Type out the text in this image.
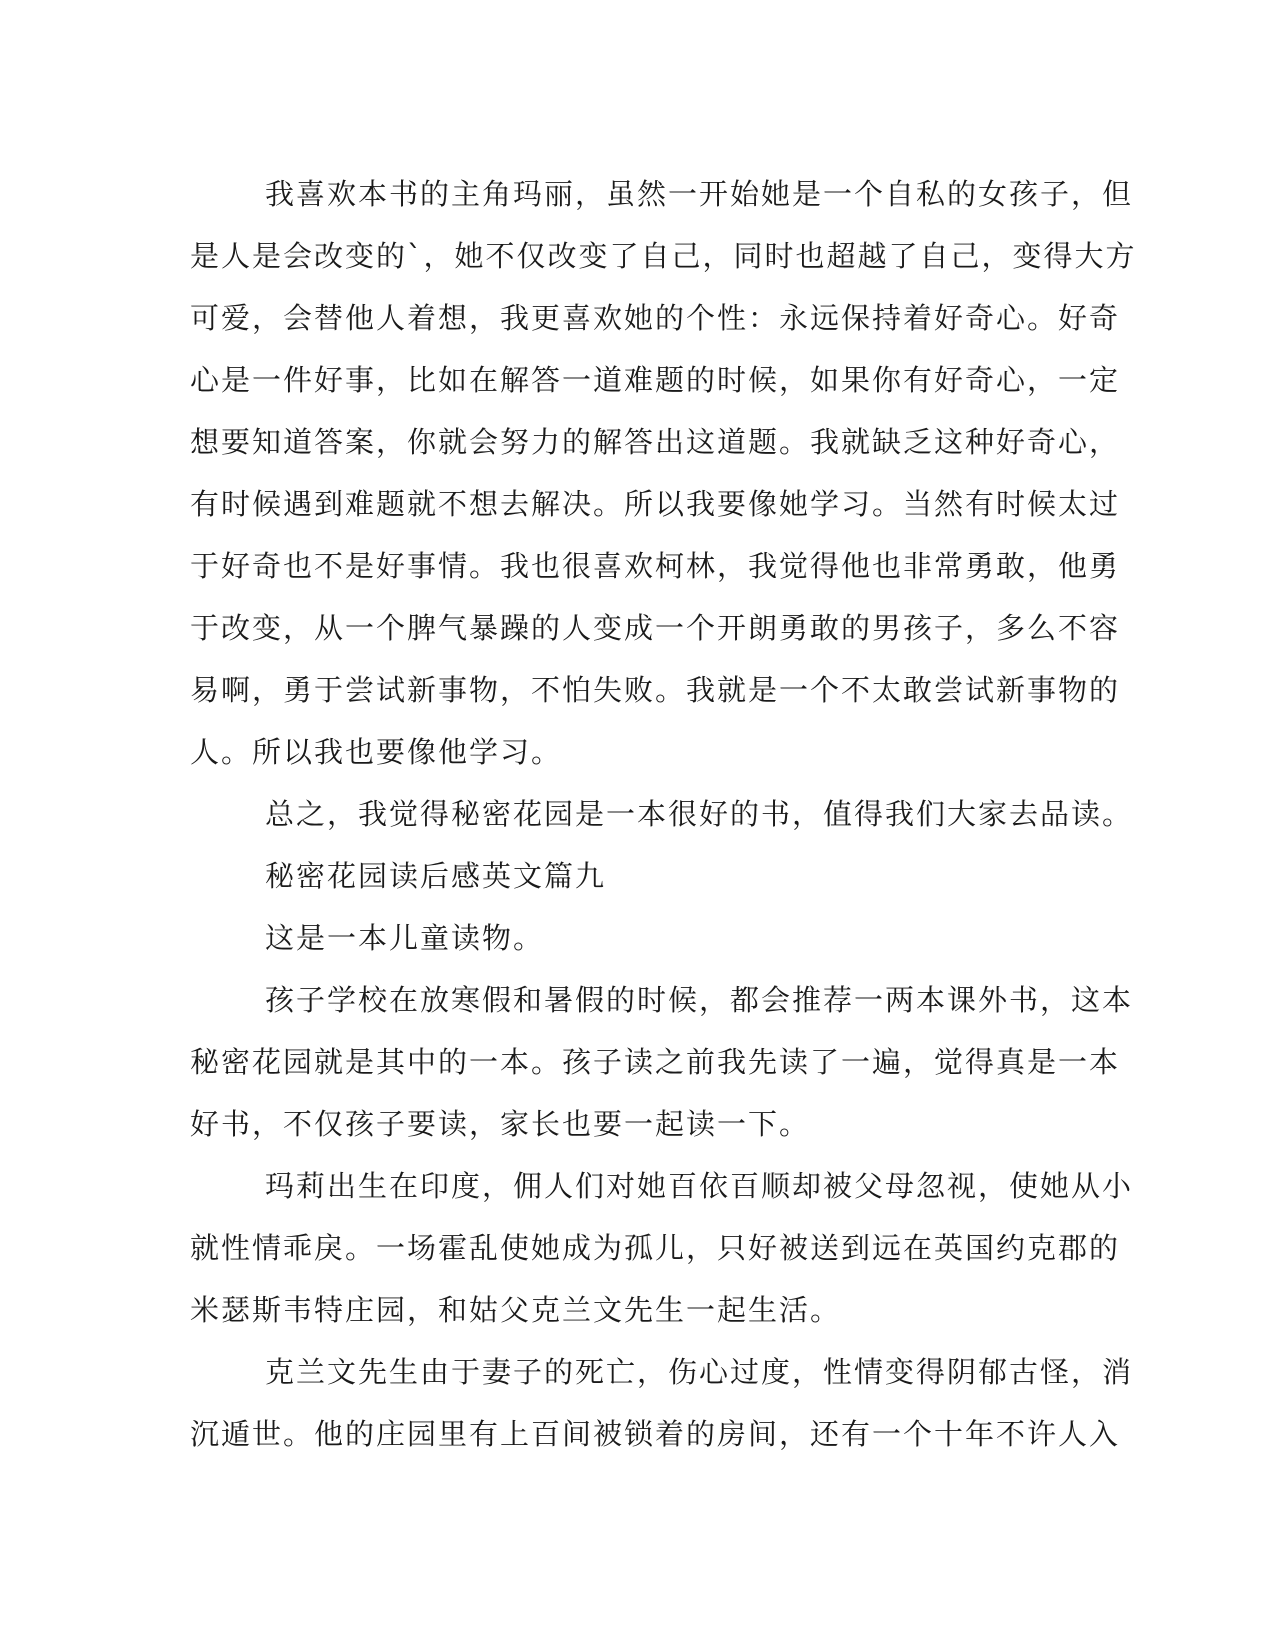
我喜欢本书的主角玛丽，虽然一开始她是一个自私的女孩子，但
是人是会改变的`，她不仅改变了自己，同时也超越了自己，变得大方
可爱，会替他人着想，我更喜欢她的个性：永远保持着好奇心。好奇
心是一件好事，比如在解答一道难题的时候，如果你有好奇心，一定
想要知道答案，你就会努力的解答出这道题。我就缺乏这种好奇心，
有时候遇到难题就不想去解决。所以我要像她学习。当然有时候太过
于好奇也不是好事情。我也很喜欢柯林，我觉得他也非常勇敢，他勇
于改变，从一个脾气暴躁的人变成一个开朗勇敢的男孩子，多么不容
易啊，勇于尝试新事物，不怕失败。我就是一个不太敢尝试新事物的
人。所以我也要像他学习。
总之，我觉得秘密花园是一本很好的书，值得我们大家去品读。
秘密花园读后感英文篇九
这是一本儿童读物。
孩子学校在放寒假和暑假的时候，都会推荐一两本课外书，这本
秘密花园就是其中的一本。孩子读之前我先读了一遍，觉得真是一本
好书，不仅孩子要读，家长也要一起读一下。
玛莉出生在印度，佣人们对她百依百顺却被父母忽视，使她从小
就性情乖戾。一场霍乱使她成为孤儿，只好被送到远在英国约克郡的
米瑟斯韦特庄园，和姑父克兰文先生一起生活。
克兰文先生由于妻子的死亡，伤心过度，性情变得阴郁古怪，消
沉遁世。他的庄园里有上百间被锁着的房间，还有一个十年不许人入
